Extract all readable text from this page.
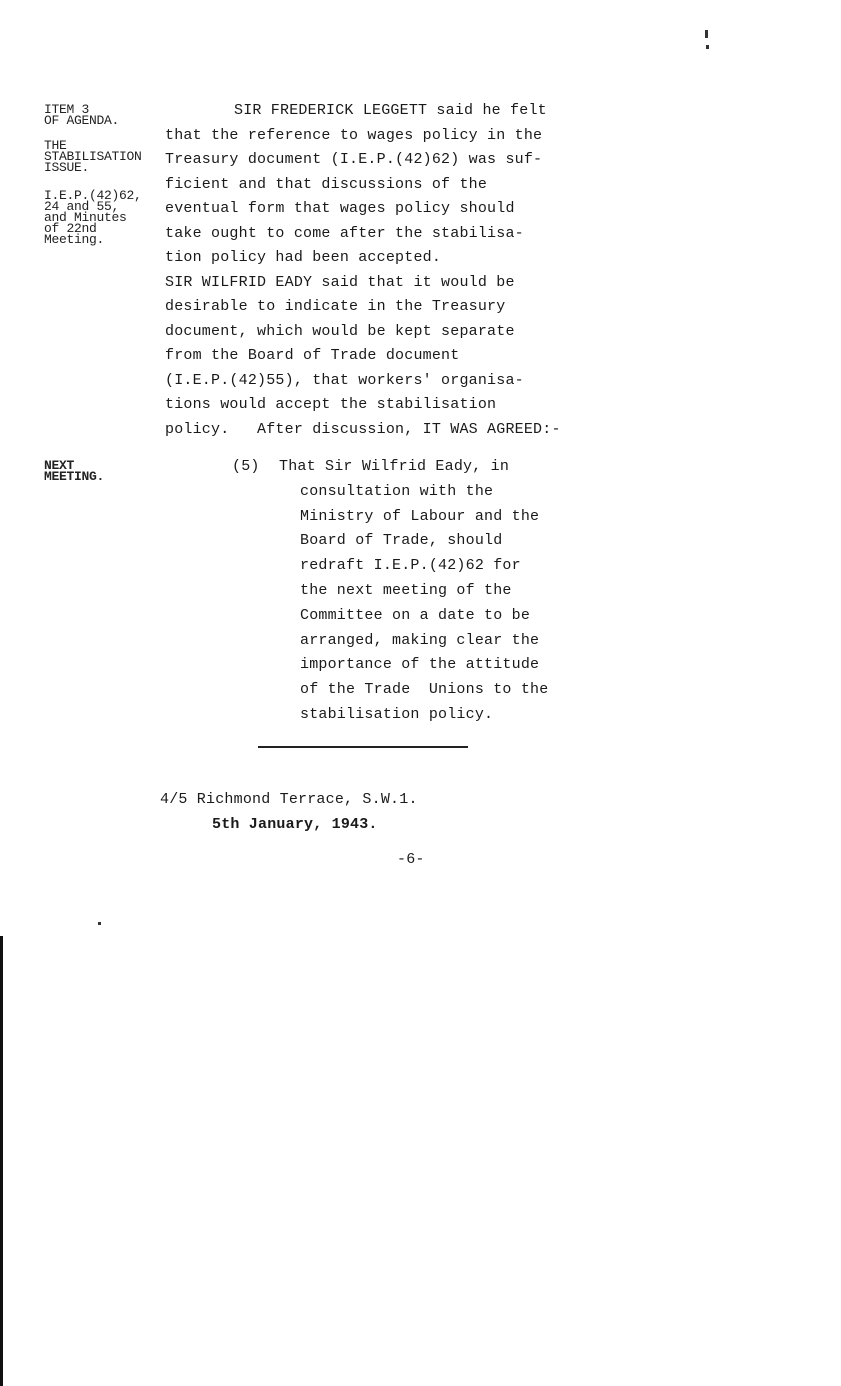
ITEM 3
OF AGENDA.
THE
STABILISATION
ISSUE.
I.E.P.(42)62,
24 and 55,
and Minutes
of 22nd
Meeting.
NEXT
MEETING.
SIR FREDERICK LEGGETT said he felt
that the reference to wages policy in the
Treasury document (I.E.P.(42)62) was suf-
ficient and that discussions of the
eventual form that wages policy should
take ought to come after the stabilisa-
tion policy had been accepted.
SIR WILFRID EADY said that it would be
desirable to indicate in the Treasury
document, which would be kept separate
from the Board of Trade document
(I.E.P.(42)55), that workers' organisa-
tions would accept the stabilisation
policy.   After discussion, IT WAS AGREED:-
(5) That Sir Wilfrid Eady, in
consultation with the
Ministry of Labour and the
Board of Trade, should
redraft I.E.P.(42)62 for
the next meeting of the
Committee on a date to be
arranged, making clear the
importance of the attitude
of the Trade  Unions to the
stabilisation policy.
4/5 Richmond Terrace, S.W.1.
5th January, 1943.
-6-
